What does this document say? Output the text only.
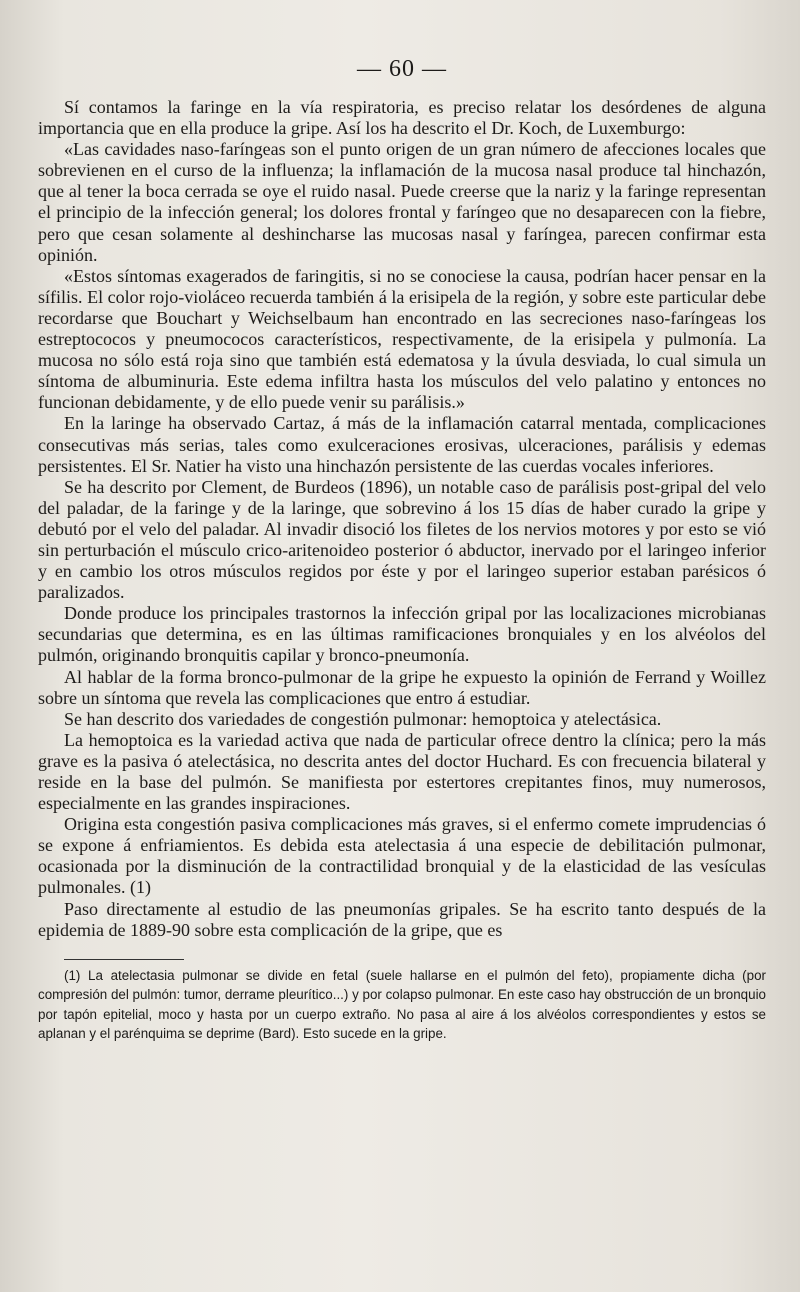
— 60 —

Sí contamos la faringe en la vía respiratoria, es preciso relatar los desórdenes de alguna importancia que en ella produce la gripe. Así los ha descrito el Dr. Koch, de Luxemburgo:

«Las cavidades naso-faríngeas son el punto origen de un gran número de afecciones locales que sobrevienen en el curso de la influenza; la inflamación de la mucosa nasal produce tal hinchazón, que al tener la boca cerrada se oye el ruido nasal. Puede creerse que la nariz y la faringe representan el principio de la infección general; los dolores frontal y faríngeo que no desaparecen con la fiebre, pero que cesan solamente al deshincharse las mucosas nasal y faríngea, parecen confirmar esta opinión.

«Estos síntomas exagerados de faringitis, si no se conociese la causa, podrían hacer pensar en la sífilis. El color rojo-violáceo recuerda también á la erisipela de la región, y sobre este particular debe recordarse que Bouchart y Weichselbaum han encontrado en las secreciones naso-faríngeas los estreptococos y pneumococos característicos, respectivamente, de la erisipela y pulmonía. La mucosa no sólo está roja sino que también está edematosa y la úvula desviada, lo cual simula un síntoma de albuminuria. Este edema infiltra hasta los músculos del velo palatino y entonces no funcionan debidamente, y de ello puede venir su parálisis.»

En la laringe ha observado Cartaz, á más de la inflamación catarral mentada, complicaciones consecutivas más serias, tales como exulceraciones erosivas, ulceraciones, parálisis y edemas persistentes. El Sr. Natier ha visto una hinchazón persistente de las cuerdas vocales inferiores.

Se ha descrito por Clement, de Burdeos (1896), un notable caso de parálisis post-gripal del velo del paladar, de la faringe y de la laringe, que sobrevino á los 15 días de haber curado la gripe y debutó por el velo del paladar. Al invadir disoció los filetes de los nervios motores y por esto se vió sin perturbación el músculo crico-aritenoideo posterior ó abductor, inervado por el laringeo inferior y en cambio los otros músculos regidos por éste y por el laringeo superior estaban parésicos ó paralizados.

Donde produce los principales trastornos la infección gripal por las localizaciones microbianas secundarias que determina, es en las últimas ramificaciones bronquiales y en los alvéolos del pulmón, originando bronquitis capilar y bronco-pneumonía.

Al hablar de la forma bronco-pulmonar de la gripe he expuesto la opinión de Ferrand y Woillez sobre un síntoma que revela las complicaciones que entro á estudiar.

Se han descrito dos variedades de congestión pulmonar: hemoptoica y atelectásica.

La hemoptoica es la variedad activa que nada de particular ofrece dentro la clínica; pero la más grave es la pasiva ó atelectásica, no descrita antes del doctor Huchard. Es con frecuencia bilateral y reside en la base del pulmón. Se manifiesta por estertores crepitantes finos, muy numerosos, especialmente en las grandes inspiraciones.

Origina esta congestión pasiva complicaciones más graves, si el enfermo comete imprudencias ó se expone á enfriamientos. Es debida esta atelectasia á una especie de debilitación pulmonar, ocasionada por la disminución de la contractilidad bronquial y de la elasticidad de las vesículas pulmonales. (1)

Paso directamente al estudio de las pneumonías gripales. Se ha escrito tanto después de la epidemia de 1889-90 sobre esta complicación de la gripe, que es

(1) La atelectasia pulmonar se divide en fetal (suele hallarse en el pulmón del feto), propiamente dicha (por compresión del pulmón: tumor, derrame pleurítico...) y por colapso pulmonar. En este caso hay obstrucción de un bronquio por tapón epitelial, moco y hasta por un cuerpo extraño. No pasa al aire á los alvéolos correspondientes y estos se aplanan y el parénquima se deprime (Bard). Esto sucede en la gripe.
